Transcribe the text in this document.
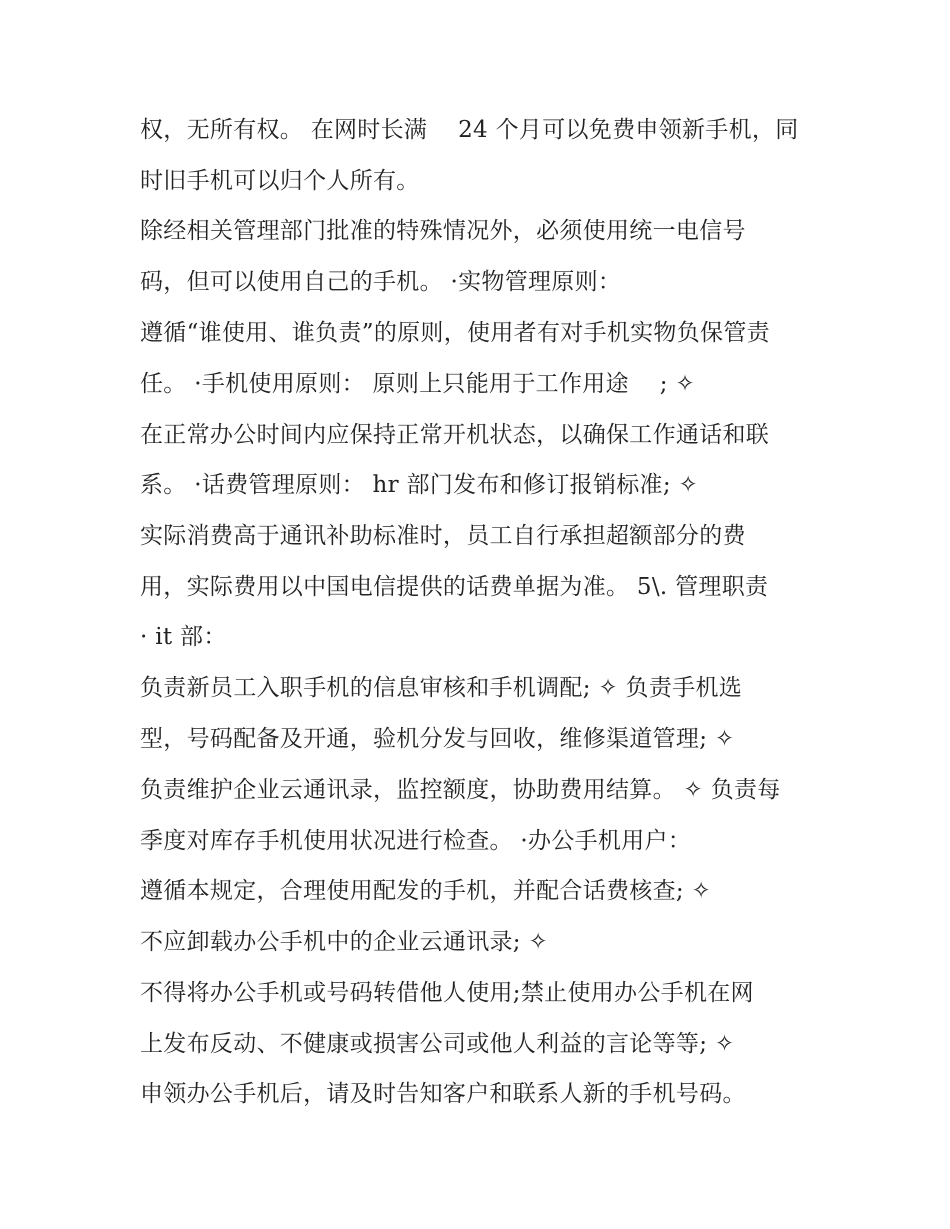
权，无所有权。 在网时长满　 24 个月可以免费申领新手机，同
时旧手机可以归个人所有。
除经相关管理部门批准的特殊情况外，必须使用统一电信号
码，但可以使用自己的手机。 ·实物管理原则：
遵循“谁使用、谁负责”的原则，使用者有对手机实物负保管责
任。 ·手机使用原则： 原则上只能用于工作用途　 ; ✧
在正常办公时间内应保持正常开机状态，以确保工作通话和联
系。 ·话费管理原则： hr 部门发布和修订报销标准; ✧
实际消费高于通讯补助标准时，员工自行承担超额部分的费
用，实际费用以中国电信提供的话费单据为准。 5\. 管理职责
· it 部：
负责新员工入职手机的信息审核和手机调配; ✧ 负责手机选
型，号码配备及开通，验机分发与回收，维修渠道管理; ✧
负责维护企业云通讯录，监控额度，协助费用结算。 ✧ 负责每
季度对库存手机使用状况进行检查。 ·办公手机用户：
遵循本规定，合理使用配发的手机，并配合话费核查; ✧
不应卸载办公手机中的企业云通讯录; ✧
不得将办公手机或号码转借他人使用;禁止使用办公手机在网
上发布反动、不健康或损害公司或他人利益的言论等等; ✧
申领办公手机后，请及时告知客户和联系人新的手机号码。
